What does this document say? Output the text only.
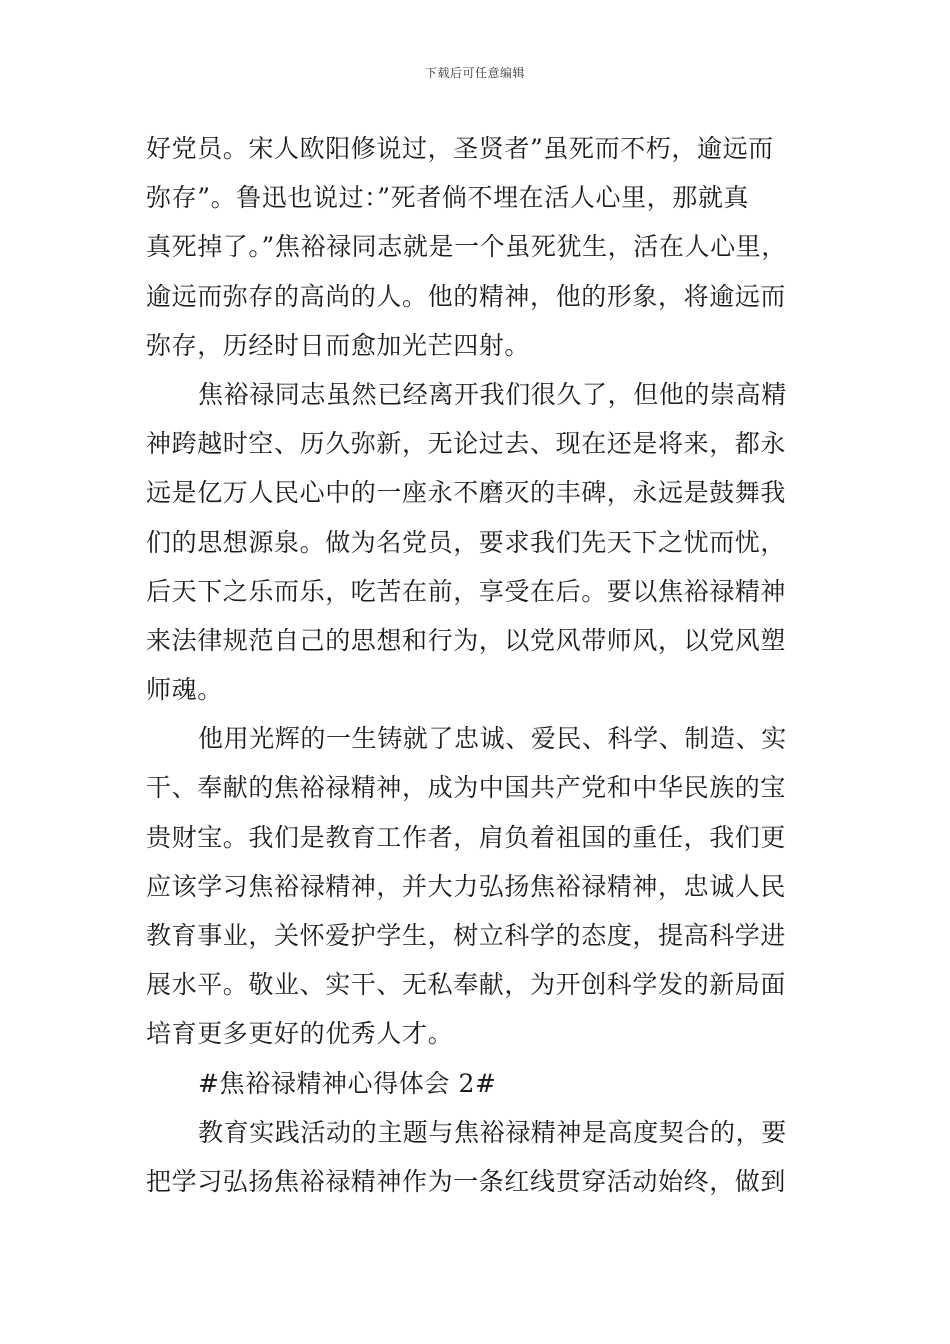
下载后可任意编辑
好党员。宋人欧阳修说过，圣贤者”虽死而不朽，逾远而
弥存”。鲁迅也说过：”死者倘不埋在活人心里，那就真
真死掉了。”焦裕禄同志就是一个虽死犹生，活在人心里，
逾远而弥存的高尚的人。他的精神，他的形象，将逾远而
弥存，历经时日而愈加光芒四射。
焦裕禄同志虽然已经离开我们很久了，但他的崇高精
神跨越时空、历久弥新，无论过去、现在还是将来，都永
远是亿万人民心中的一座永不磨灭的丰碑，永远是鼓舞我
们的思想源泉。做为名党员，要求我们先天下之忧而忧，
后天下之乐而乐，吃苦在前，享受在后。要以焦裕禄精神
来法律规范自己的思想和行为，以党风带师风，以党风塑
师魂。
他用光辉的一生铸就了忠诚、爱民、科学、制造、实
干、奉献的焦裕禄精神，成为中国共产党和中华民族的宝
贵财宝。我们是教育工作者，肩负着祖国的重任，我们更
应该学习焦裕禄精神，并大力弘扬焦裕禄精神，忠诚人民
教育事业，关怀爱护学生，树立科学的态度，提高科学进
展水平。敬业、实干、无私奉献，为开创科学发的新局面
培育更多更好的优秀人才。
#焦裕禄精神心得体会 2#
教育实践活动的主题与焦裕禄精神是高度契合的，要
把学习弘扬焦裕禄精神作为一条红线贯穿活动始终，做到
